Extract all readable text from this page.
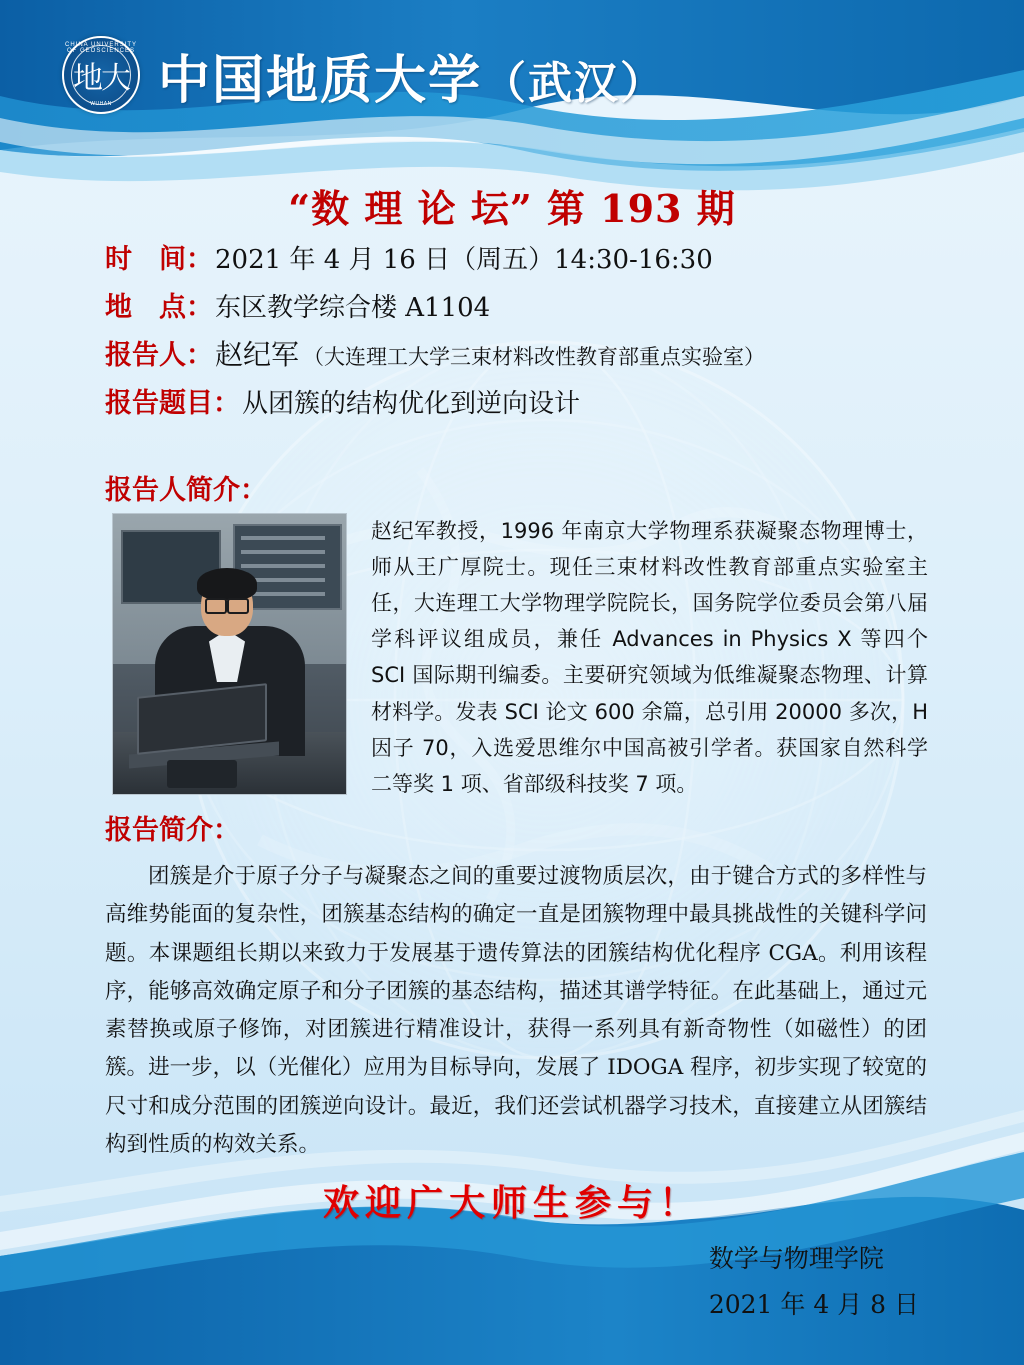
CHINA UNIVERSITY OF GEOSCIENCES
地大
WUHAN 中国地质大学（武汉）
“数 理 论 坛” 第 193 期
时　间： 2021 年 4 月 16 日（周五）14:30-16:30
地　点： 东区教学综合楼 A1104
报告人： 赵纪军 （大连理工大学三束材料改性教育部重点实验室）
报告题目： 从团簇的结构优化到逆向设计
报告人简介：
赵纪军教授，1996 年南京大学物理系获凝聚态物理博士，师从王广厚院士。现任三束材料改性教育部重点实验室主任，大连理工大学物理学院院长，国务院学位委员会第八届学科评议组成员，兼任 Advances in Physics X 等四个 SCI 国际期刊编委。主要研究领域为低维凝聚态物理、计算材料学。发表 SCI 论文 600 余篇，总引用 20000 多次，H 因子 70，入选爱思维尔中国高被引学者。获国家自然科学二等奖 1 项、省部级科技奖 7 项。
报告简介：
团簇是介于原子分子与凝聚态之间的重要过渡物质层次，由于键合方式的多样性与高维势能面的复杂性，团簇基态结构的确定一直是团簇物理中最具挑战性的关键科学问题。本课题组长期以来致力于发展基于遗传算法的团簇结构优化程序 CGA。利用该程序，能够高效确定原子和分子团簇的基态结构，描述其谱学特征。在此基础上，通过元素替换或原子修饰，对团簇进行精准设计，获得一系列具有新奇物性（如磁性）的团簇。进一步，以（光催化）应用为目标导向，发展了 IDOGA 程序，初步实现了较宽的尺寸和成分范围的团簇逆向设计。最近，我们还尝试机器学习技术，直接建立从团簇结构到性质的构效关系。
欢迎广大师生参与！
数学与物理学院
2021 年 4 月 8 日
